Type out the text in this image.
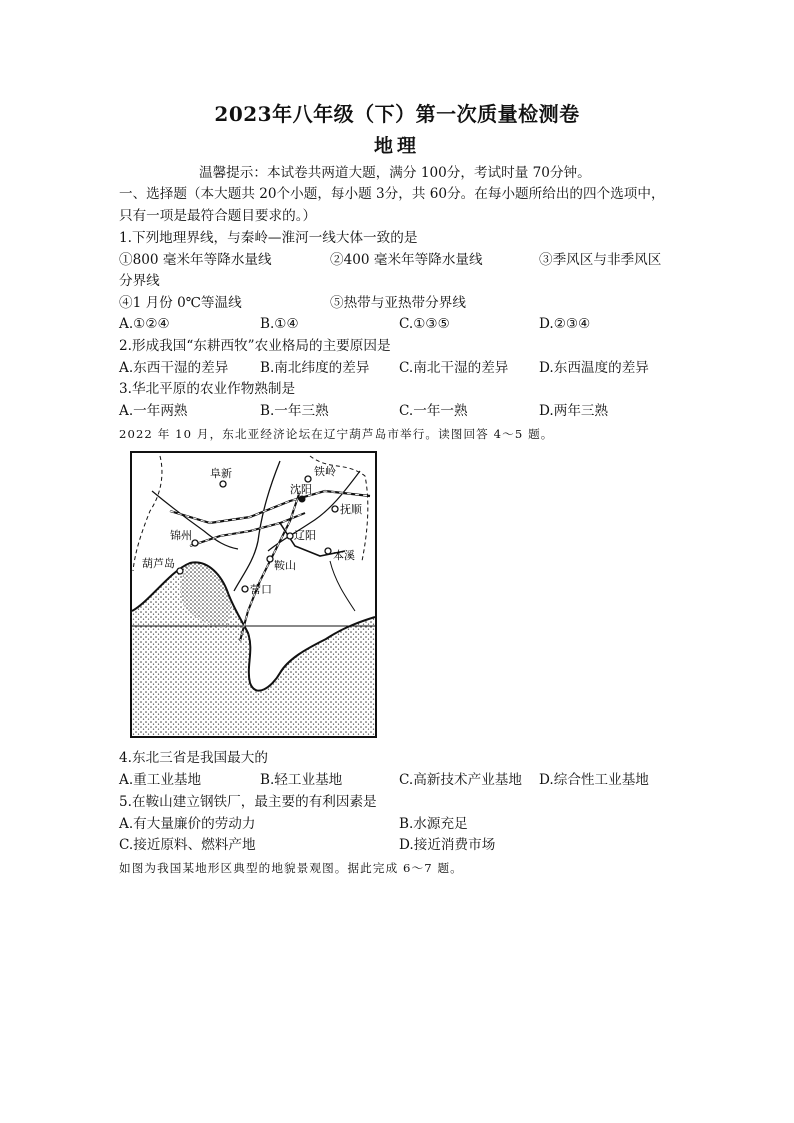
2023年八年级（下）第一次质量检测卷
地理
温馨提示：本试卷共两道大题，满分 100分，考试时量 70分钟。
一、选择题（本大题共 20个小题，每小题 3分，共 60分。在每小题所给出的四个选项中，
只有一项是最符合题目要求的。）
1.下列地理界线，与秦岭—淮河一线大体一致的是
①800 毫米年等降水量线	②400 毫米年等降水量线	③季风区与非季风区
分界线
④1 月份 0℃等温线	⑤热带与亚热带分界线
A.①②④	B.①④	C.①③⑤	D.②③④
2.形成我国“东耕西牧”农业格局的主要原因是
A.东西干湿的差异 B.南北纬度的差异 C.南北干湿的差异 D.东西温度的差异
3.华北平原的农业作物熟制是
A.一年两熟	B.一年三熟	C.一年一熟	D.两年三熟
2022 年 10 月，东北亚经济论坛在辽宁葫芦岛市举行。读图回答 4～5 题。
阜新	铁岭
沈阳
抚顺
本溪
锦州
鞍山
营口
葫芦岛
辽阳
4.东北三省是我国最大的
A.重工业基地	B.轻工业基地	C.高新技术产业基地 D.综合性工业基地
5.在鞍山建立钢铁厂，最主要的有利因素是
A.有大量廉价的劳动力	B.水源充足
C.接近原料、燃料产地	D.接近消费市场
如图为我国某地形区典型的地貌景观图。据此完成 6～7 题。
